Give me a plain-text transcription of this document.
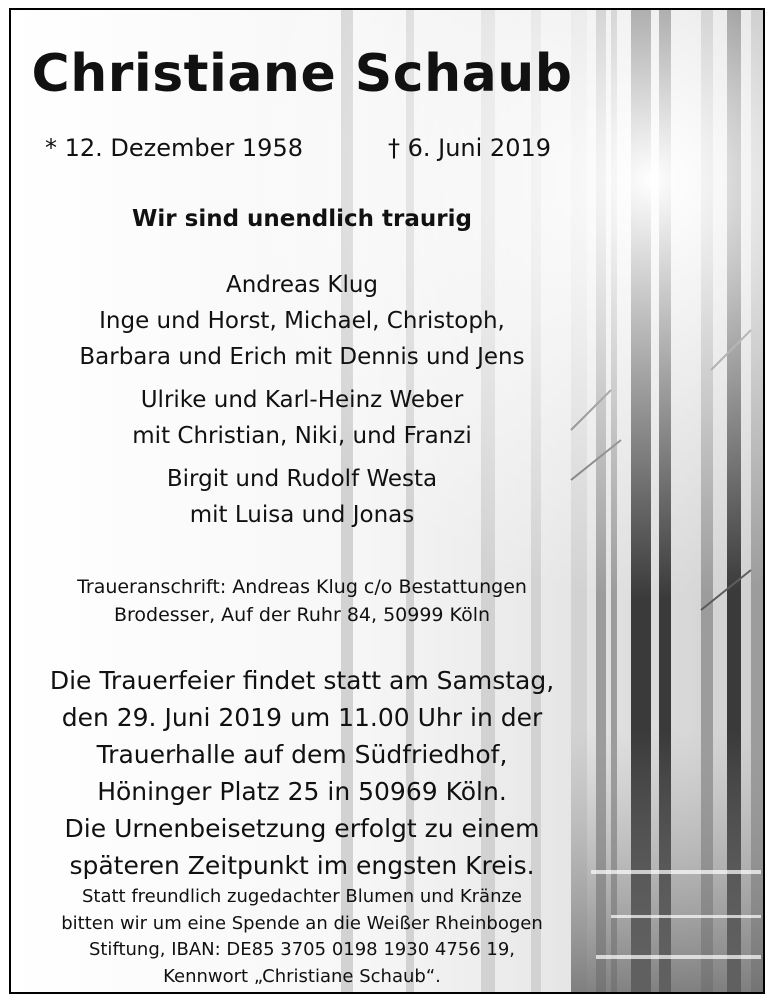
Christiane Schaub
* 12. Dezember 1958	† 6. Juni 2019
Wir sind unendlich traurig
Andreas Klug
Inge und Horst, Michael, Christoph,
Barbara und Erich mit Dennis und Jens
Ulrike und Karl-Heinz Weber
mit Christian, Niki, und Franzi
Birgit und Rudolf Westa
mit Luisa und Jonas
Traueranschrift: Andreas Klug c/o Bestattungen
Brodesser, Auf der Ruhr 84, 50999 Köln
Die Trauerfeier findet statt am Samstag,
den 29. Juni 2019 um 11.00 Uhr in der
Trauerhalle auf dem Südfriedhof,
Höninger Platz 25 in 50969 Köln.
Die Urnenbeisetzung erfolgt zu einem
späteren Zeitpunkt im engsten Kreis.
Statt freundlich zugedachter Blumen und Kränze
bitten wir um eine Spende an die Weißer Rheinbogen
Stiftung, IBAN: DE85 3705 0198 1930 4756 19,
Kennwort „Christiane Schaub“.
